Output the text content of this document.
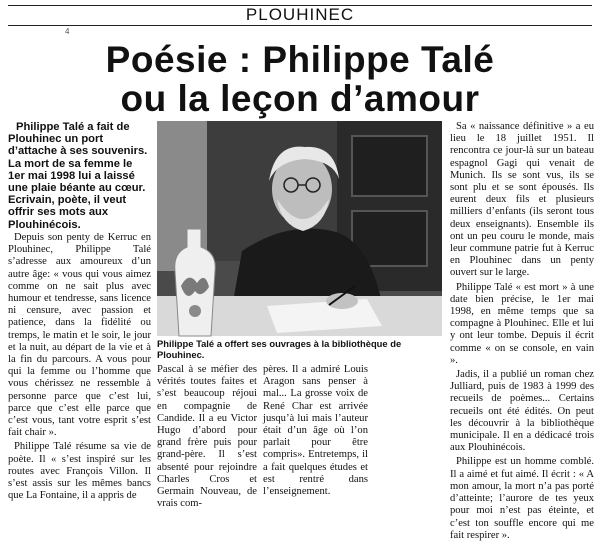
PLOUHINEC
4
Poésie : Philippe Talé
ou la leçon d’amour
Philippe Talé a fait de Plouhinec un port d’attache à ses souvenirs. La mort de sa femme le 1er mai 1998 lui a laissé une plaie béante au cœur. Ecrivain, poète, il veut offrir ses mots aux Plouhinécois.

Depuis son penty de Kerruc en Plouhinec, Philippe Talé s’adresse aux amoureux d’un autre âge: « vous qui vous aimez comme on ne sait plus avec humour et tendresse, sans licence ni censure, avec passion et patience, dans la fidélité ou tremps, le matin et le soir, le jour et la nuit, au départ de la vie et à la fin du parcours. A vous pour qui la femme ou l’homme que vous chérissez ne ressemble à personne parce que c’est lui, parce que c’est elle parce que c’est vous, tant votre esprit s’est fait chair ».

Philippe Talé résume sa vie de poète. Il « s’est inspiré sur les routes avec François Villon. Il s’est assis sur les mêmes bancs que La Fontaine, il a appris de

Philippe Talé a offert ses ouvrages à la bibliothèque de Plouhinec.

Pascal à se méfier des vérités toutes faites et s’est beaucoup réjoui en compagnie de Candide. Il a eu Victor Hugo d’abord pour grand frère puis pour grand-père. Il s’est absenté pour rejoindre Charles Cros et Germain Nouveau, de vrais com-

pères. Il a admiré Louis Aragon sans penser à mal... La grosse voix de René Char est arrivée jusqu’à lui mais l’auteur était d’un âge où l’on parlait pour être compris». Entretemps, il a fait quelques études et est rentré dans l’enseignement.

Sa « naissance définitive » a eu lieu le 18 juillet 1951. Il rencontra ce jour-là sur un bateau espagnol Gagi qui venait de Munich. Ils se sont vus, ils se sont plu et se sont épousés. Ils eurent deux fils et plusieurs milliers d’enfants (ils seront tous deux enseignants). Ensemble ils ont un peu couru le monde, mais leur commune patrie fut à Kerruc en Plouhinec dans un penty ouvert sur le large.

Philippe Talé « est mort » à une date bien précise, le 1er mai 1998, en même temps que sa compagne à Plouhinec. Elle et lui y ont leur tombe. Depuis il écrit comme « on se console, en vain ».

Jadis, il a publié un roman chez Julliard, puis de 1983 à 1999 des recueils de poèmes... Certains recueils ont été édités. On peut les découvrir à la bibliothèque municipale. Il en a dédicacé trois aux Plouhinécois.

Philippe est un homme comblé. Il a aimé et fut aimé. Il écrit : « A mon amour, la mort n’a pas porté d’atteinte; l’aurore de tes yeux pour moi n’est pas éteinte, et c’est ton souffle encore qui me fait respirer ».
